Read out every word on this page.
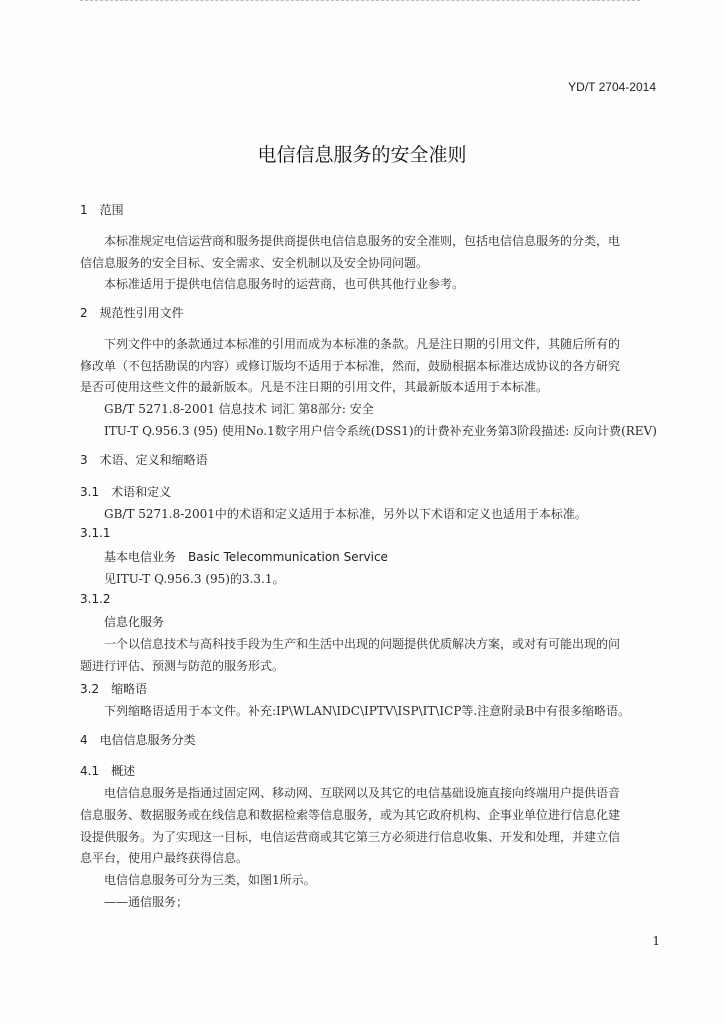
YD/T 2704-2014
电信信息服务的安全准则
1　范围
本标准规定电信运营商和服务提供商提供电信信息服务的安全准则，包括电信信息服务的分类，电
信信息服务的安全目标、安全需求、安全机制以及安全协同问题。
本标准适用于提供电信信息服务时的运营商，也可供其他行业参考。
2　规范性引用文件
下列文件中的条款通过本标准的引用而成为本标准的条款。凡是注日期的引用文件，其随后所有的
修改单（不包括勘误的内容）或修订版均不适用于本标准，然而，鼓励根据本标准达成协议的各方研究
是否可使用这些文件的最新版本。凡是不注日期的引用文件，其最新版本适用于本标准。
GB/T 5271.8-2001 信息技术 词汇 第8部分: 安全
ITU-T Q.956.3 (95) 使用No.1数字用户信令系统(DSS1)的计费补充业务第3阶段描述: 反向计费(REV)
3　术语、定义和缩略语
3.1　术语和定义
GB/T 5271.8-2001中的术语和定义适用于本标准，另外以下术语和定义也适用于本标准。
3.1.1
基本电信业务　Basic Telecommunication Service
见ITU-T Q.956.3 (95)的3.3.1。
3.1.2
信息化服务
一个以信息技术与高科技手段为生产和生活中出现的问题提供优质解决方案，或对有可能出现的问
题进行评估、预测与防范的服务形式。
3.2　缩略语
下列缩略语适用于本文件。补充:IP\WLAN\IDC\IPTV\ISP\IT\ICP等.注意附录B中有很多缩略语。
4　电信信息服务分类
4.1　概述
电信信息服务是指通过固定网、移动网、互联网以及其它的电信基础设施直接向终端用户提供语音
信息服务、数据服务或在线信息和数据检索等信息服务，或为其它政府机构、企事业单位进行信息化建
设提供服务。为了实现这一目标，电信运营商或其它第三方必须进行信息收集、开发和处理，并建立信
息平台，使用户最终获得信息。
电信信息服务可分为三类，如图1所示。
——通信服务；
1
